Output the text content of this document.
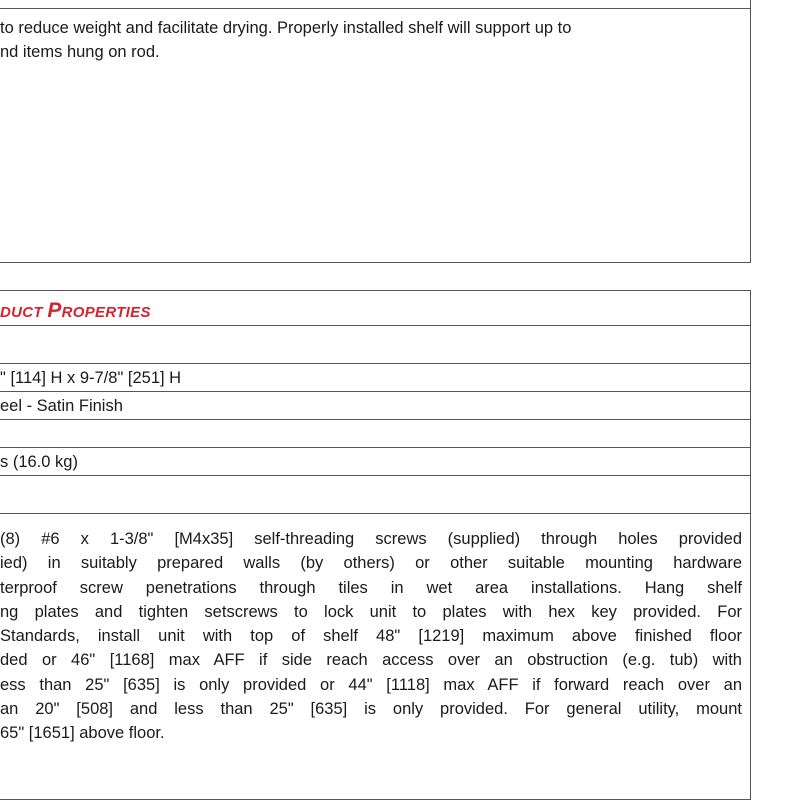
to reduce weight and facilitate drying. Properly installed shelf will support up to
nd items hung on rod.
DUCT PROPERTIES
" [114] H x 9-7/8" [251] H
eel - Satin Finish
s (16.0 kg)
(8) #6 x 1-3/8" [M4x35] self-threading screws (supplied) through holes provided
ied) in suitably prepared walls (by others) or other suitable mounting hardware
terproof screw penetrations through tiles in wet area installations. Hang shelf
ng plates and tighten setscrews to lock unit to plates with hex key provided. For
Standards, install unit with top of shelf 48" [1219] maximum above finished floor
ded or 46" [1168] max AFF if side reach access over an obstruction (e.g. tub) with
ess than 25" [635] is only provided or 44" [1118] max AFF if forward reach over an
an 20" [508] and less than 25" [635] is only provided. For general utility, mount
65" [1651] above floor.
